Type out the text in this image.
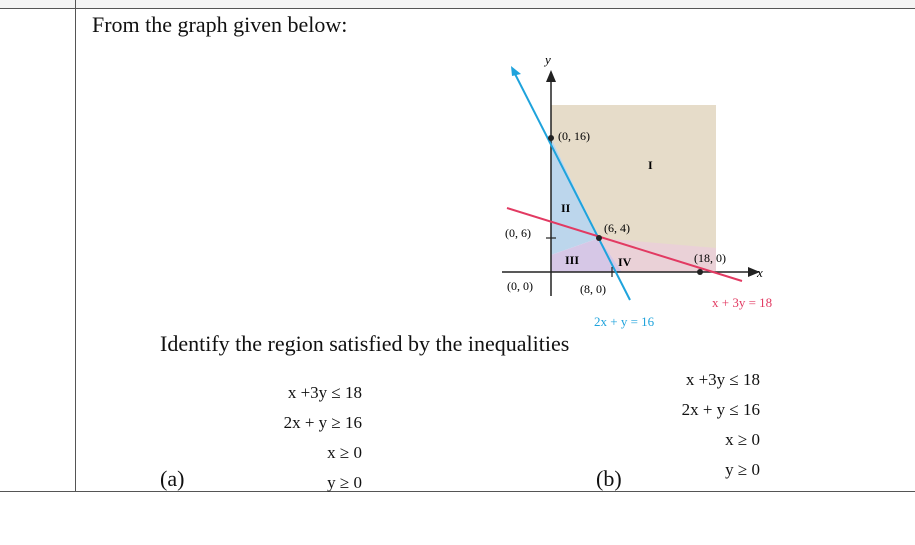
From the graph given below:
x
y
(0, 16)
(0, 6)	(6, 4)
(18, 0)
(0, 0)	(8, 0)
I
II
III	IV
x + 3y = 18
2x + y = 16
Identify the region satisfied by the inequalities
x +3y ≤ 18
2x + y ≥ 16
x ≥ 0
y ≥ 0
(a)
x +3y ≤ 18
2x + y ≤ 16
x ≥ 0
y ≥ 0
(b)
